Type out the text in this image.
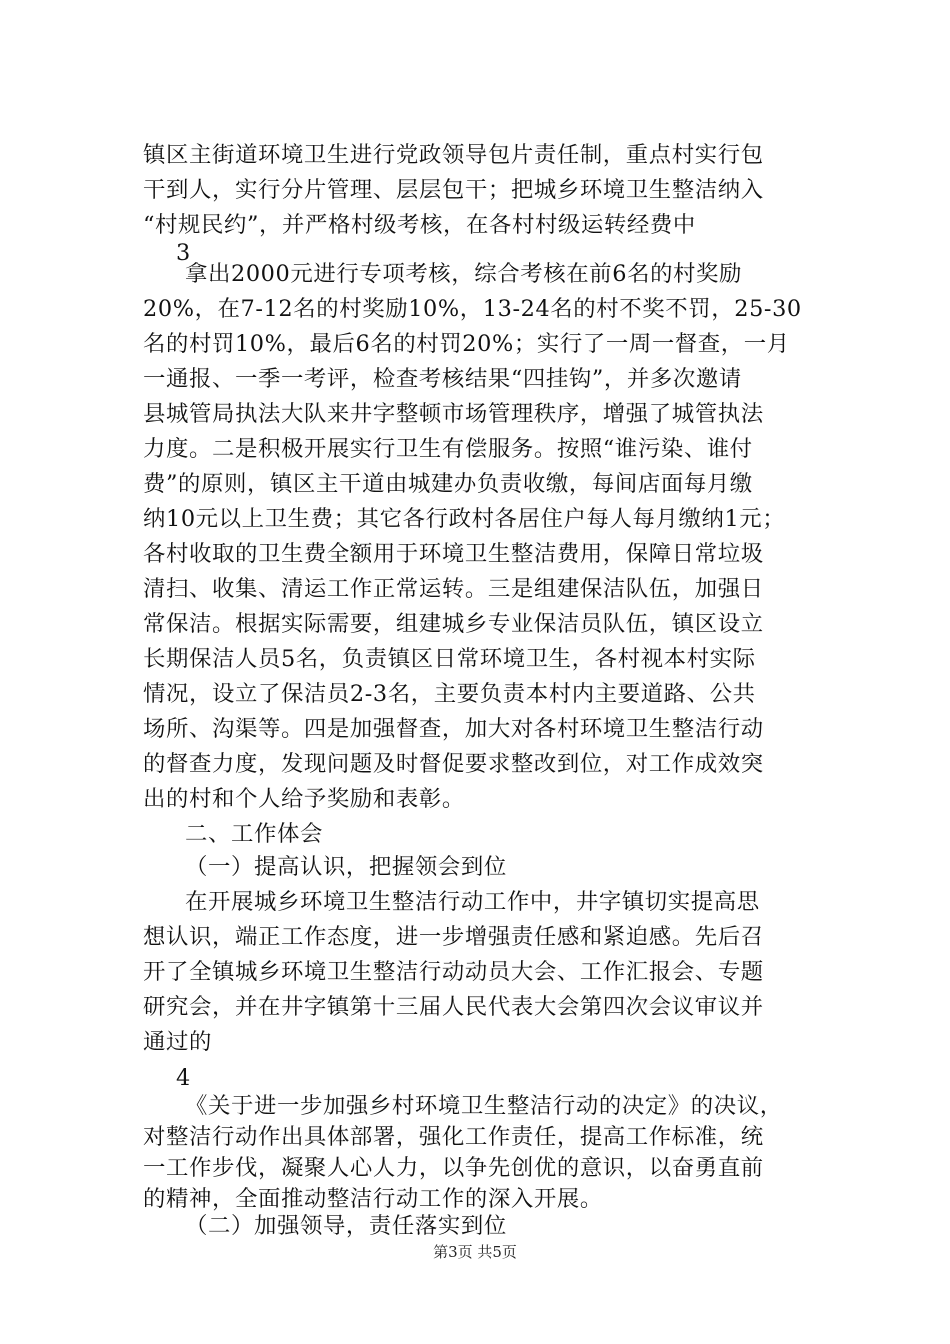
镇区主街道环境卫生进行党政领导包片责任制，重点村实行包
干到人，实行分片管理、层层包干；把城乡环境卫生整洁纳入
“村规民约”，并严格村级考核，在各村村级运转经费中
3
拿出2000元进行专项考核，综合考核在前6名的村奖励
20%，在7-12名的村奖励10%，13-24名的村不奖不罚，25-30
名的村罚10%，最后6名的村罚20%；实行了一周一督查，一月
一通报、一季一考评，检查考核结果“四挂钩”，并多次邀请
县城管局执法大队来井字整顿市场管理秩序，增强了城管执法
力度。二是积极开展实行卫生有偿服务。按照“谁污染、谁付
费”的原则，镇区主干道由城建办负责收缴，每间店面每月缴
纳10元以上卫生费；其它各行政村各居住户每人每月缴纳1元；
各村收取的卫生费全额用于环境卫生整洁费用，保障日常垃圾
清扫、收集、清运工作正常运转。三是组建保洁队伍，加强日
常保洁。根据实际需要，组建城乡专业保洁员队伍，镇区设立
长期保洁人员5名，负责镇区日常环境卫生，各村视本村实际
情况，设立了保洁员2-3名，主要负责本村内主要道路、公共
场所、沟渠等。四是加强督查，加大对各村环境卫生整洁行动
的督查力度，发现问题及时督促要求整改到位，对工作成效突
出的村和个人给予奖励和表彰。
二、工作体会
（一）提高认识，把握领会到位
在开展城乡环境卫生整洁行动工作中，井字镇切实提高思
想认识，端正工作态度，进一步增强责任感和紧迫感。先后召
开了全镇城乡环境卫生整洁行动动员大会、工作汇报会、专题
研究会，并在井字镇第十三届人民代表大会第四次会议审议并
通过的
4
《关于进一步加强乡村环境卫生整洁行动的决定》的决议，
对整洁行动作出具体部署，强化工作责任，提高工作标准，统
一工作步伐，凝聚人心人力，以争先创优的意识，以奋勇直前
的精神，全面推动整洁行动工作的深入开展。
（二）加强领导，责任落实到位
第3页 共5页
